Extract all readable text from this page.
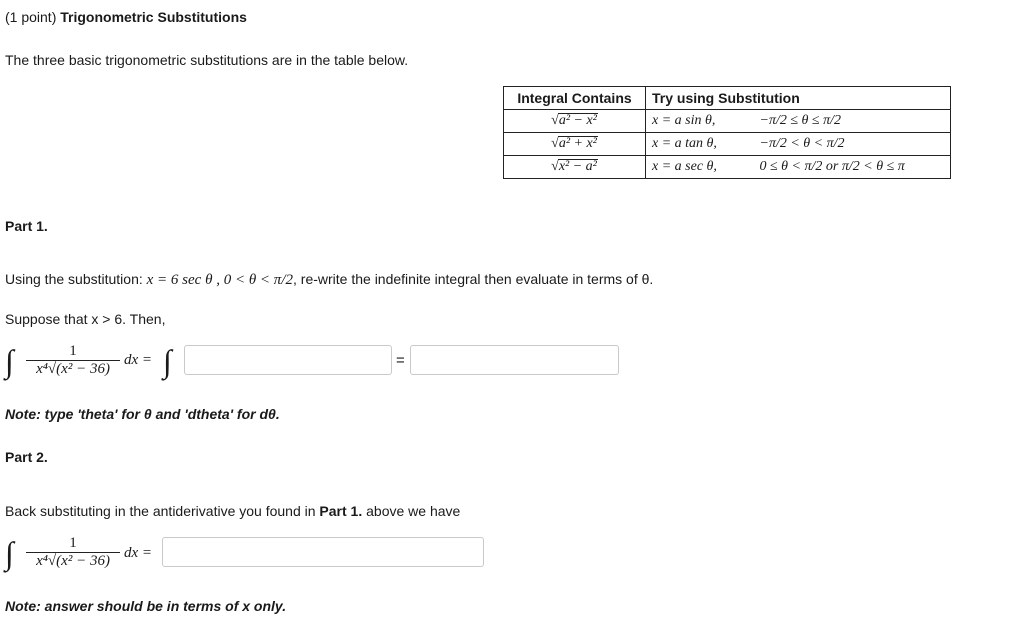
(1 point) Trigonometric Substitutions
The three basic trigonometric substitutions are in the table below.
Integral Contains	Try using Substitution
√a² − x²	x = a sin θ, −π/2 ≤ θ ≤ π/2
√a² + x²	x = a tan θ, −π/2 < θ < π/2
√x² − a²	x = a sec θ, 0 ≤ θ < π/2 or π/2 < θ ≤ π
Part 1.
Using the substitution: x = 6 sec θ , 0 < θ < π/2, re-write the indefinite integral then evaluate in terms of θ.
Suppose that x > 6. Then,
∫ $\frac{1}{\text{x⁴√(x² − 36)}}$ dx = ∫	=
Note: type 'theta' for θ and 'dtheta' for dθ.
Part 2.
Back substituting in the antiderivative you found in Part 1. above we have
∫ $\frac{1}{\text{x⁴√(x² − 36)}}$ dx =
Note: answer should be in terms of x only.
